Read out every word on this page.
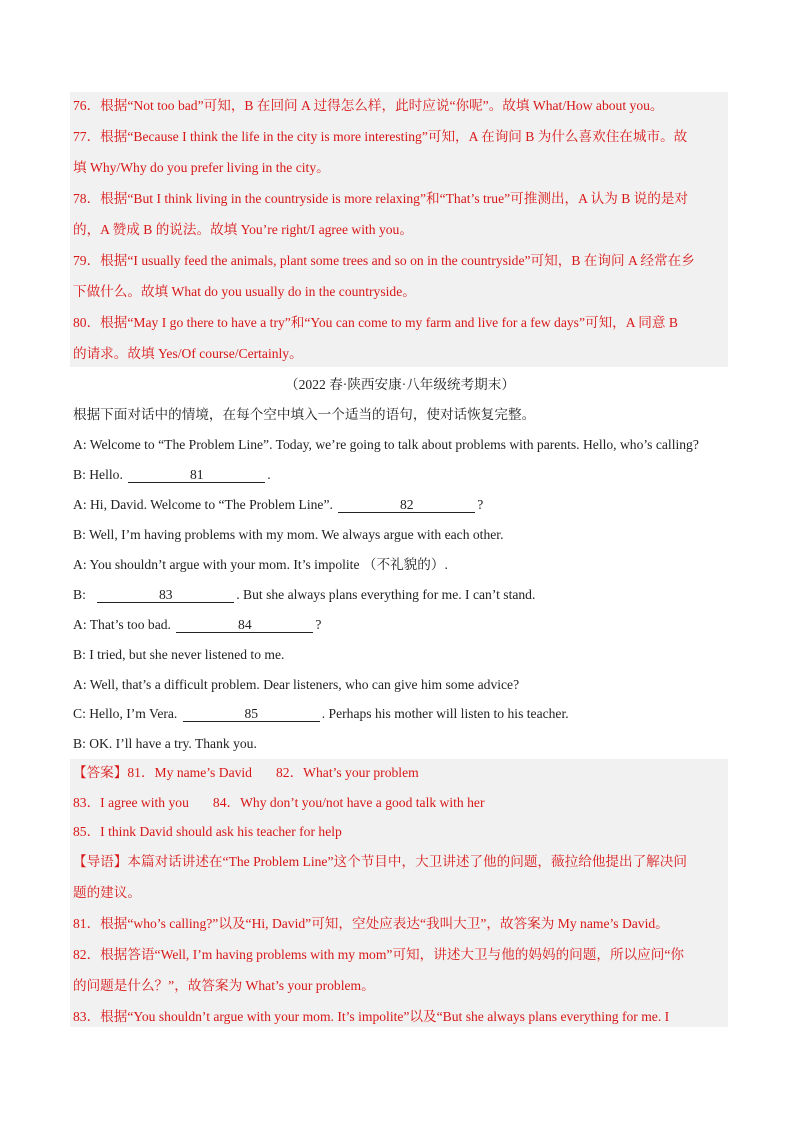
76．根据“Not too bad”可知，B 在回问 A 过得怎么样，此时应说“你呢”。故填 What/How about you。
77．根据“Because I think the life in the city is more interesting”可知，A 在询问 B 为什么喜欢住在城市。故
填 Why/Why do you prefer living in the city。
78．根据“But I think living in the countryside is more relaxing”和“That’s true”可推测出，A 认为 B 说的是对
的，A 赞成 B 的说法。故填 You’re right/I agree with you。
79．根据“I usually feed the animals, plant some trees and so on in the countryside”可知，B 在询问 A 经常在乡
下做什么。故填 What do you usually do in the countryside。
80．根据“May I go there to have a try”和“You can come to my farm and live for a few days”可知，A 同意 B
的请求。故填 Yes/Of course/Certainly。
（2022 春·陕西安康·八年级统考期末）
根据下面对话中的情境，在每个空中填入一个适当的语句，使对话恢复完整。
A: Welcome to “The Problem Line”. Today, we’re going to talk about problems with parents. Hello, who’s calling?
B: Hello.	81	.
A: Hi, David. Welcome to “The Problem Line”.	82	?
B: Well, I’m having problems with my mom. We always argue with each other.
A: You shouldn’t argue with your mom. It’s impolite （不礼貌的）.
B:	83	. But she always plans everything for me. I can’t stand.
A: That’s too bad.	84	?
B: I tried, but she never listened to me.
A: Well, that’s a difficult problem. Dear listeners, who can give him some advice?
C: Hello, I’m Vera.	85	. Perhaps his mother will listen to his teacher.
B: OK. I’ll have a try. Thank you.
【答案】81．My name’s David 82．What’s your problem
83．I agree with you 84．Why don’t you/not have a good talk with her
85．I think David should ask his teacher for help
【导语】本篇对话讲述在“The Problem Line”这个节目中，大卫讲述了他的问题，薇拉给他提出了解决问
题的建议。
81．根据“who’s calling?”以及“Hi, David”可知，空处应表达“我叫大卫”，故答案为 My name’s David。
82．根据答语“Well, I’m having problems with my mom”可知，讲述大卫与他的妈妈的问题，所以应问“你
的问题是什么？”，故答案为 What’s your problem。
83．根据“You shouldn’t argue with your mom. It’s impolite”以及“But she always plans everything for me. I
